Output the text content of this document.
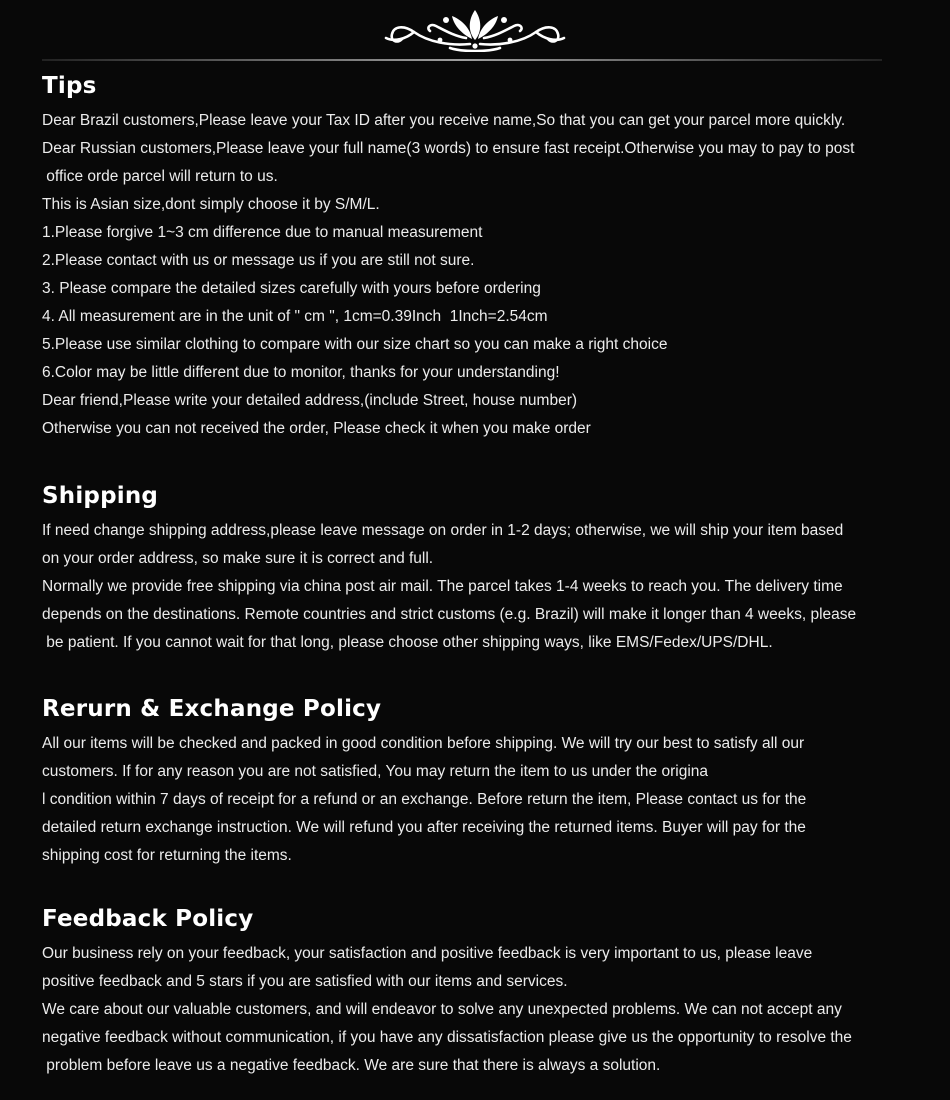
Tips
Dear Brazil customers,Please leave your Tax ID after you receive name,So that you can get your parcel more quickly.
Dear Russian customers,Please leave your full name(3 words) to ensure fast receipt.Otherwise you may to pay to post
office orde parcel will return to us.
This is Asian size,dont simply choose it by S/M/L.
1.Please forgive 1~3 cm difference due to manual measurement
2.Please contact with us or message us if you are still not sure.
3. Please compare the detailed sizes carefully with yours before ordering
4. All measurement are in the unit of " cm ", 1cm=0.39Inch  1Inch=2.54cm
5.Please use similar clothing to compare with our size chart so you can make a right choice
6.Color may be little different due to monitor, thanks for your understanding!
Dear friend,Please write your detailed address,(include Street, house number)
Otherwise you can not received the order, Please check it when you make order
Shipping
If need change shipping address,please leave message on order in 1-2 days; otherwise, we will ship your item based
on your order address, so make sure it is correct and full.
Normally we provide free shipping via china post air mail. The parcel takes 1-4 weeks to reach you. The delivery time
depends on the destinations. Remote countries and strict customs (e.g. Brazil) will make it longer than 4 weeks, please
be patient. If you cannot wait for that long, please choose other shipping ways, like EMS/Fedex/UPS/DHL.
Rerurn & Exchange Policy
All our items will be checked and packed in good condition before shipping. We will try our best to satisfy all our
customers. If for any reason you are not satisfied, You may return the item to us under the origina
l condition within 7 days of receipt for a refund or an exchange. Before return the item, Please contact us for the
detailed return exchange instruction. We will refund you after receiving the returned items. Buyer will pay for the
shipping cost for returning the items.
Feedback Policy
Our business rely on your feedback, your satisfaction and positive feedback is very important to us, please leave
positive feedback and 5 stars if you are satisfied with our items and services.
We care about our valuable customers, and will endeavor to solve any unexpected problems. We can not accept any
negative feedback without communication, if you have any dissatisfaction please give us the opportunity to resolve the
problem before leave us a negative feedback. We are sure that there is always a solution.
